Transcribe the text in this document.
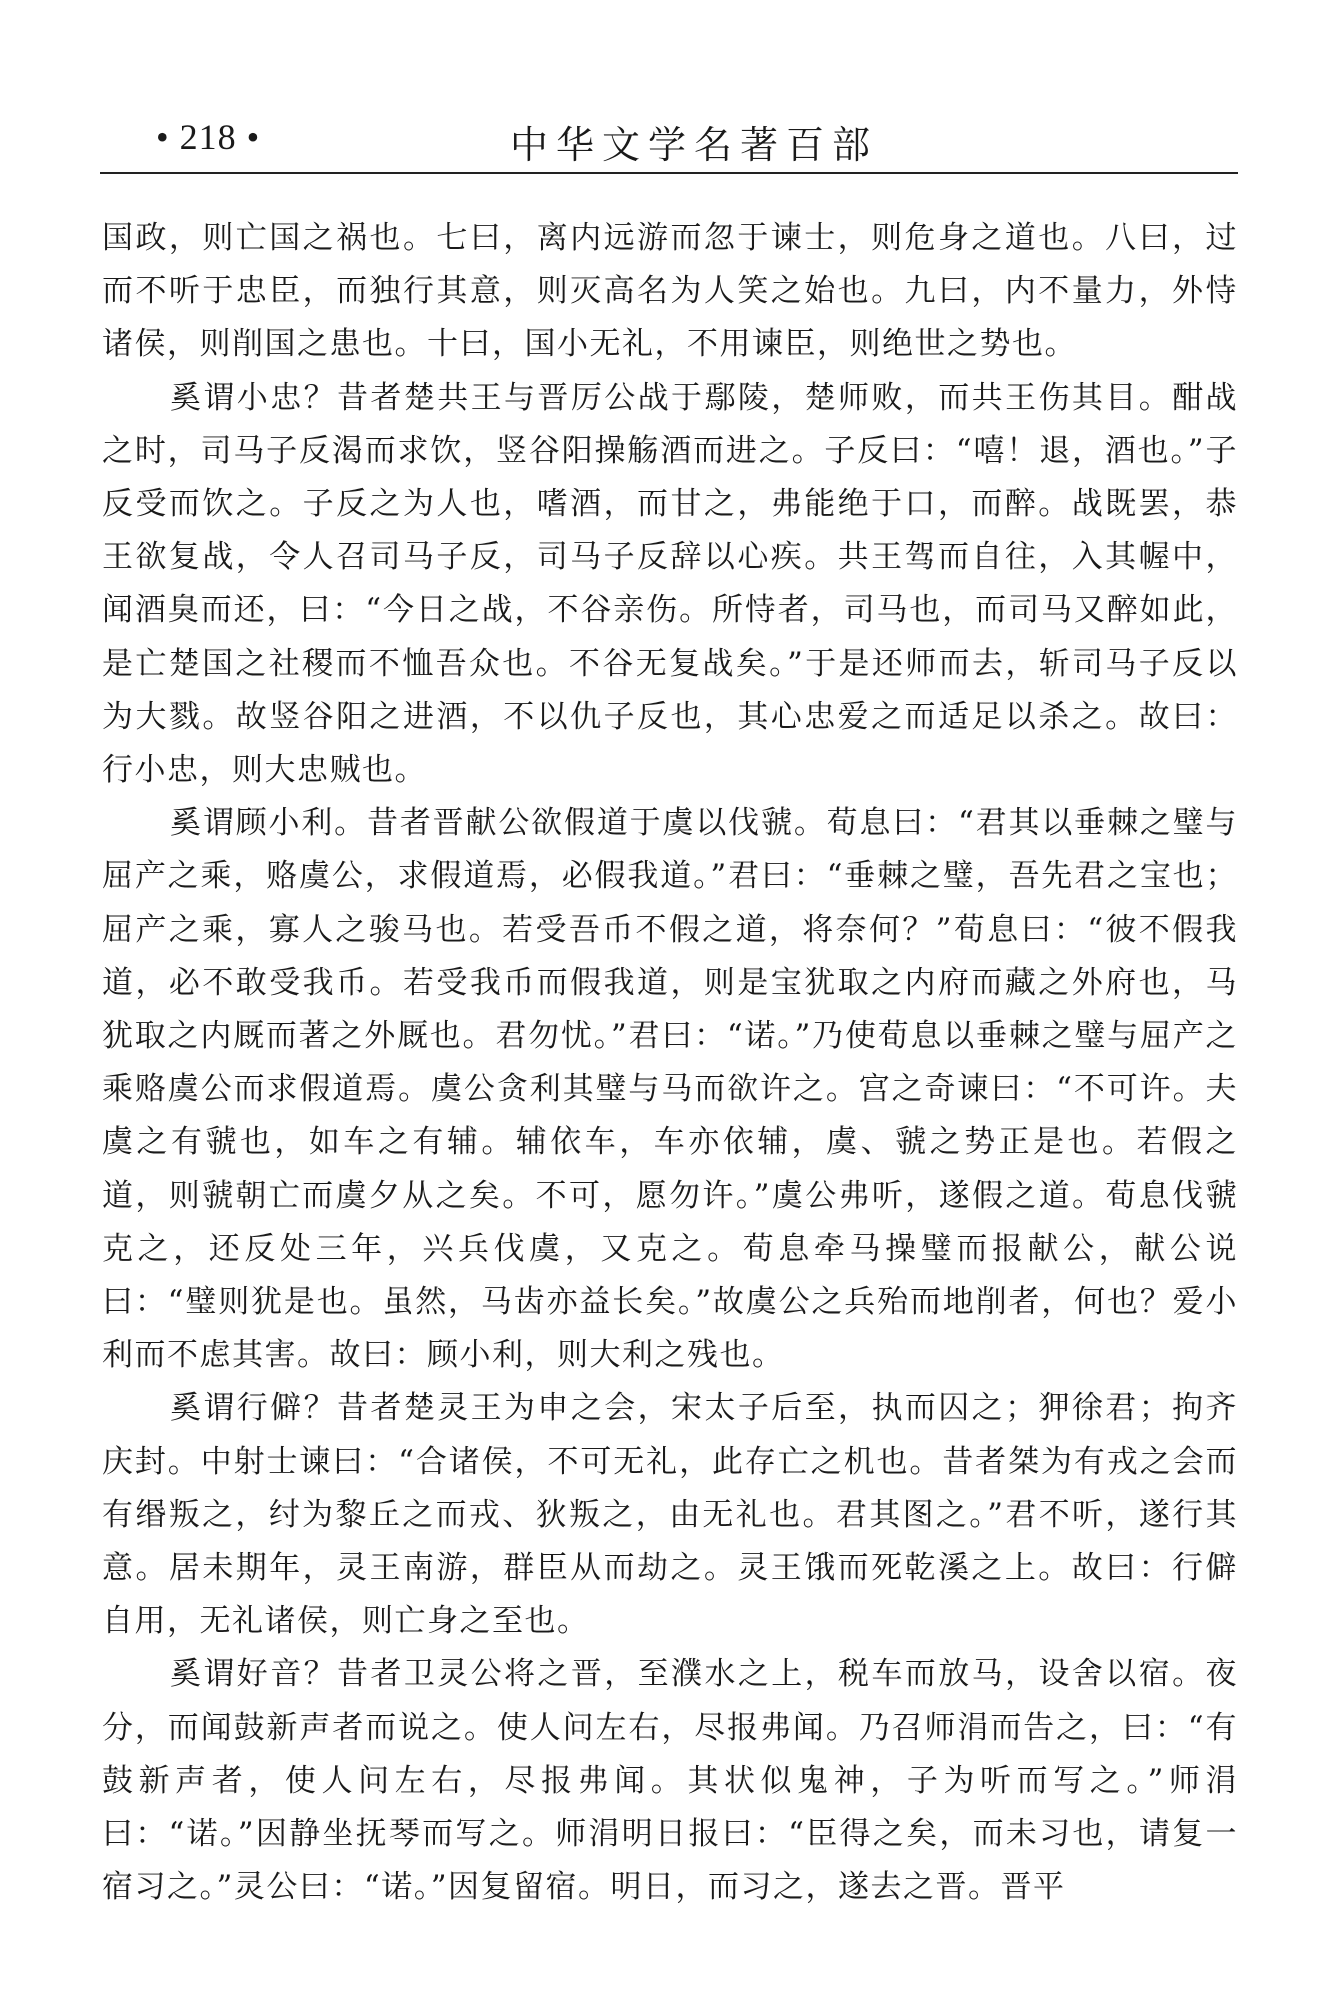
• 218 •	中华文学名著百部

国政，则亡国之祸也。七曰，离内远游而忽于谏士，则危身之道也。八曰，过而不听于忠臣，而独行其意，则灭高名为人笑之始也。九曰，内不量力，外恃诸侯，则削国之患也。十曰，国小无礼，不用谏臣，则绝世之势也。

奚谓小忠？昔者楚共王与晋厉公战于鄢陵，楚师败，而共王伤其目。酣战之时，司马子反渴而求饮，竖谷阳操觞酒而进之。子反曰：“嘻！退，酒也。”子反受而饮之。子反之为人也，嗜酒，而甘之，弗能绝于口，而醉。战既罢，恭王欲复战，令人召司马子反，司马子反辞以心疾。共王驾而自往，入其幄中，闻酒臭而还，曰：“今日之战，不谷亲伤。所恃者，司马也，而司马又醉如此，是亡楚国之社稷而不恤吾众也。不谷无复战矣。”于是还师而去，斩司马子反以为大戮。故竖谷阳之进酒，不以仇子反也，其心忠爱之而适足以杀之。故曰：行小忠，则大忠贼也。

奚谓顾小利。昔者晋献公欲假道于虞以伐虢。荀息曰：“君其以垂棘之璧与屈产之乘，赂虞公，求假道焉，必假我道。”君曰：“垂棘之璧，吾先君之宝也；屈产之乘，寡人之骏马也。若受吾币不假之道，将奈何？”荀息曰：“彼不假我道，必不敢受我币。若受我币而假我道，则是宝犹取之内府而藏之外府也，马犹取之内厩而著之外厩也。君勿忧。”君曰：“诺。”乃使荀息以垂棘之璧与屈产之乘赂虞公而求假道焉。虞公贪利其璧与马而欲许之。宫之奇谏曰：“不可许。夫虞之有虢也，如车之有辅。辅依车，车亦依辅，虞、虢之势正是也。若假之道，则虢朝亡而虞夕从之矣。不可，愿勿许。”虞公弗听，遂假之道。荀息伐虢克之，还反处三年，兴兵伐虞，又克之。荀息牵马操璧而报献公，献公说曰：“璧则犹是也。虽然，马齿亦益长矣。”故虞公之兵殆而地削者，何也？爱小利而不虑其害。故曰：顾小利，则大利之残也。

奚谓行僻？昔者楚灵王为申之会，宋太子后至，执而囚之；狎徐君；拘齐庆封。中射士谏曰：“合诸侯，不可无礼，此存亡之机也。昔者桀为有戎之会而有缗叛之，纣为黎丘之而戎、狄叛之，由无礼也。君其图之。”君不听，遂行其意。居未期年，灵王南游，群臣从而劫之。灵王饿而死乾溪之上。故曰：行僻自用，无礼诸侯，则亡身之至也。

奚谓好音？昔者卫灵公将之晋，至濮水之上，税车而放马，设舍以宿。夜分，而闻鼓新声者而说之。使人问左右，尽报弗闻。乃召师涓而告之，曰：“有鼓新声者，使人问左右，尽报弗闻。其状似鬼神，子为听而写之。”师涓曰：“诺。”因静坐抚琴而写之。师涓明日报曰：“臣得之矣，而未习也，请复一宿习之。”灵公曰：“诺。”因复留宿。明日，而习之，遂去之晋。晋平
